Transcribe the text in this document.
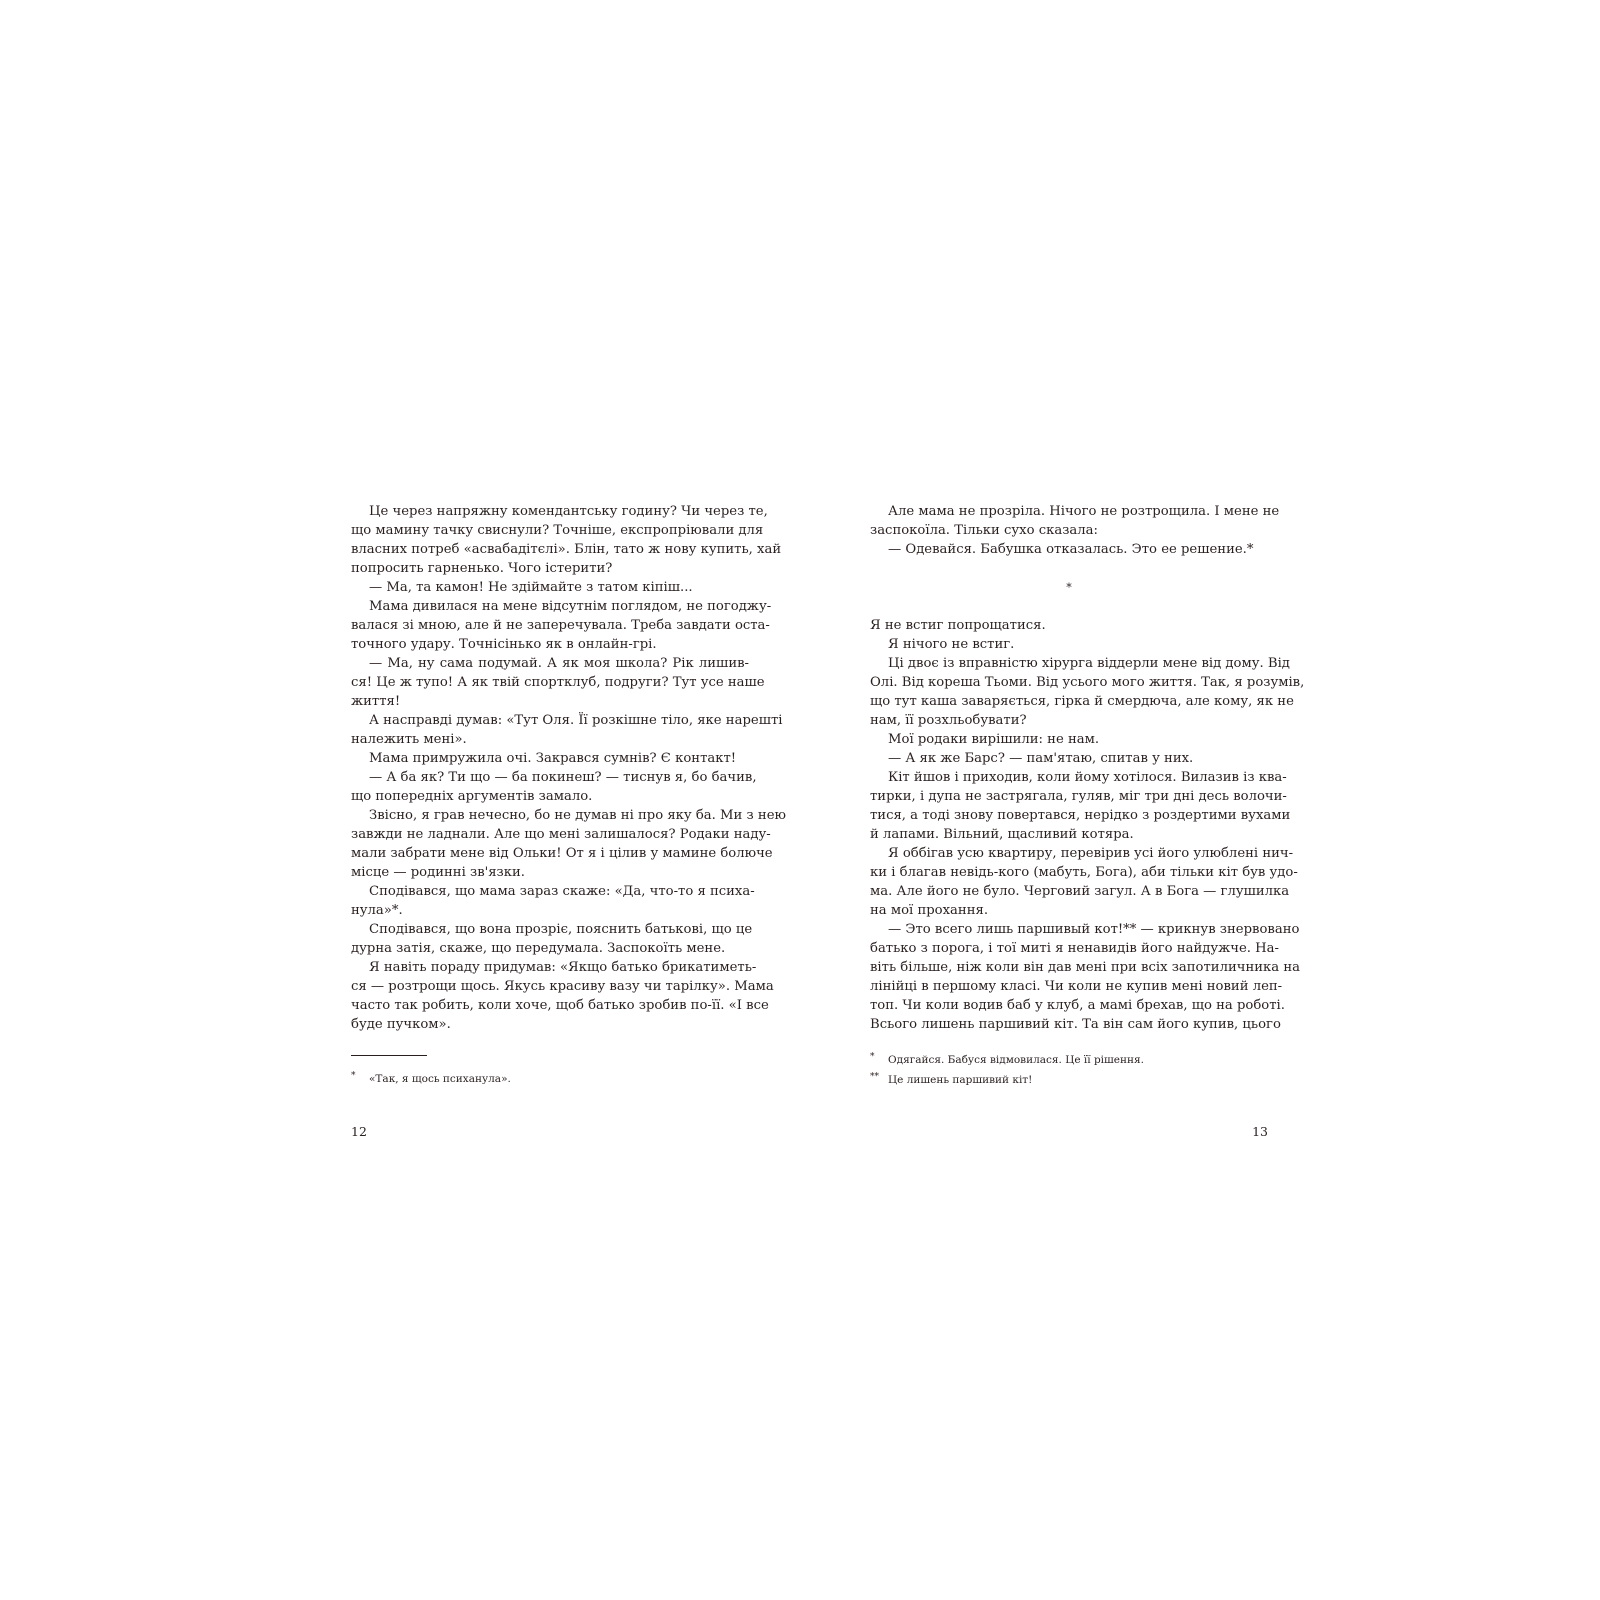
Це через напряжну комендантську годину? Чи через те,
що мамину тачку свиснули? Точніше, експропріювали для
власних потреб «асвабадітєлі». Блін, тато ж нову купить, хай
попросить гарненько. Чого істерити?
— Ма, та камон! Не здіймайте з татом кіпіш...
Мама дивилася на мене відсутнім поглядом, не погоджу-
валася зі мною, але й не заперечувала. Треба завдати оста-
точного удару. Точнісінько як в онлайн-грі.
— Ма, ну сама подумай. А як моя школа? Рік лишив-
ся! Це ж тупо! А як твій спортклуб, подруги? Тут усе наше
життя!
А насправді думав: «Тут Оля. Її розкішне тіло, яке нарешті
належить мені».
Мама примружила очі. Закрався сумнів? Є контакт!
— А ба як? Ти що — ба покинеш? — тиснув я, бо бачив,
що попередніх аргументів замало.
Звісно, я грав нечесно, бо не думав ні про яку ба. Ми з нею
завжди не ладнали. Але що мені залишалося? Родаки наду-
мали забрати мене від Ольки! От я і цілив у мамине болюче
місце — родинні зв'язки.
Сподівався, що мама зараз скаже: «Да, что-то я психа-
нула»*.
Сподівався, що вона прозріє, пояснить батькові, що це
дурна затія, скаже, що передумала. Заспокоїть мене.
Я навіть пораду придумав: «Якщо батько брикатиметь-
ся — розтрощи щось. Якусь красиву вазу чи тарілку». Мама
часто так робить, коли хоче, щоб батько зробив по-її. «І все
буде пучком».
* «Так, я щось психанула».
12
Але мама не прозріла. Нічого не розтрощила. І мене не
заспокоїла. Тільки сухо сказала:
— Одевайся. Бабушка отказалась. Это ее решение.*
*
Я не встиг попрощатися.
Я нічого не встиг.
Ці двоє із вправністю хірурга віддерли мене від дому. Від
Олі. Від кореша Тьоми. Від усього мого життя. Так, я розумів,
що тут каша заваряється, гірка й смердюча, але кому, як не
нам, її розхльобувати?
Мої родаки вирішили: не нам.
— А як же Барс? — пам'ятаю, спитав у них.
Кіт йшов і приходив, коли йому хотілося. Вилазив із ква-
тирки, і дупа не застрягала, гуляв, міг три дні десь волочи-
тися, а тоді знову повертався, нерідко з роздертими вухами
й лапами. Вільний, щасливий котяра.
Я оббігав усю квартиру, перевірив усі його улюблені нич-
ки і благав невідь-кого (мабуть, Бога), аби тільки кіт був удо-
ма. Але його не було. Черговий загул. А в Бога — глушилка
на мої прохання.
— Это всего лишь паршивый кот!** — крикнув знервовано
батько з порога, і тої миті я ненавидів його найдужче. На-
віть більше, ніж коли він дав мені при всіх запотиличника на
лінійці в першому класі. Чи коли не купив мені новий леп-
топ. Чи коли водив баб у клуб, а мамі брехав, що на роботі.
Всього лишень паршивий кіт. Та він сам його купив, цього
* Одягайся. Бабуся відмовилася. Це її рішення.
** Це лишень паршивий кіт!
13
